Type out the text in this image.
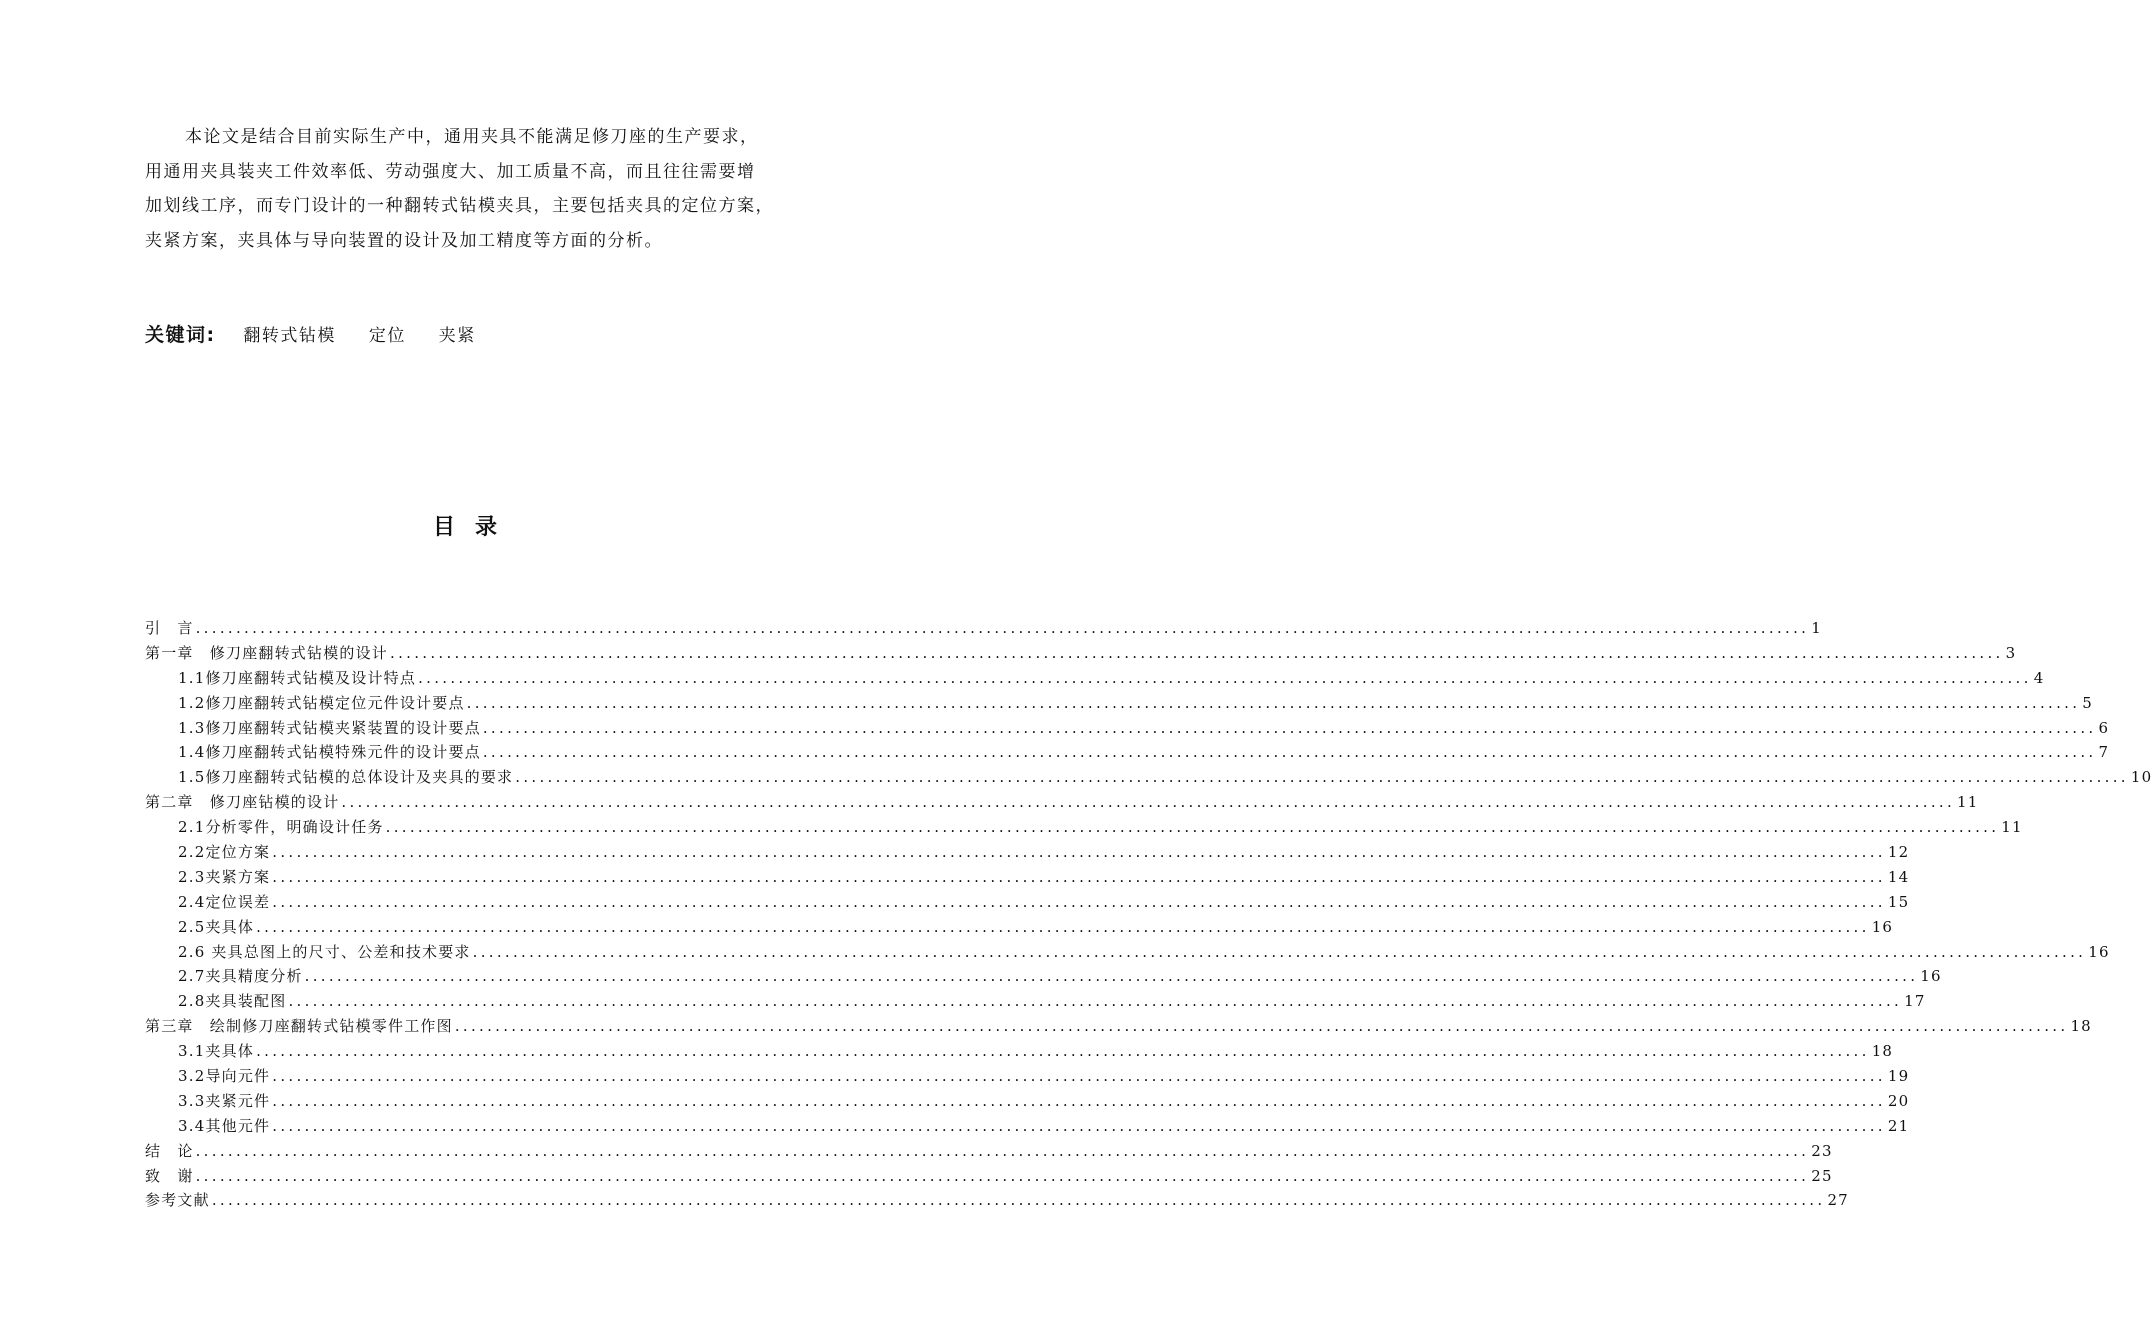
本论文是结合目前实际生产中，通用夹具不能满足修刀座的生产要求，

用通用夹具装夹工件效率低、劳动强度大、加工质量不高，而且往往需要增

加划线工序，而专门设计的一种翻转式钻模夹具，主要包括夹具的定位方案，

夹紧方案，夹具体与导向装置的设计及加工精度等方面的分析。

关键词: 翻转式钻模 定位 夹紧
目录
引　言 ........................................................................................................................................................................................................ 1
第一章　修刀座翻转式钻模的设计 ........................................................................................................................................................................................................ 3
1.1修刀座翻转式钻模及设计特点 ........................................................................................................................................................................................................ 4
1.2修刀座翻转式钻模定位元件设计要点 ........................................................................................................................................................................................................ 5
1.3修刀座翻转式钻模夹紧装置的设计要点 ........................................................................................................................................................................................................ 6
1.4修刀座翻转式钻模特殊元件的设计要点 ........................................................................................................................................................................................................ 7
1.5修刀座翻转式钻模的总体设计及夹具的要求 ........................................................................................................................................................................................................ 10
第二章　修刀座钻模的设计 ........................................................................................................................................................................................................ 11
2.1分析零件，明确设计任务 ........................................................................................................................................................................................................ 11
2.2定位方案 ........................................................................................................................................................................................................ 12
2.3夹紧方案 ........................................................................................................................................................................................................ 14
2.4定位误差 ........................................................................................................................................................................................................ 15
2.5夹具体 ........................................................................................................................................................................................................ 16
2.6 夹具总图上的尺寸、公差和技术要求 ........................................................................................................................................................................................................ 16
2.7夹具精度分析 ........................................................................................................................................................................................................ 16
2.8夹具装配图 ........................................................................................................................................................................................................ 17
第三章　绘制修刀座翻转式钻模零件工作图 ........................................................................................................................................................................................................ 18
3.1夹具体 ........................................................................................................................................................................................................ 18
3.2导向元件 ........................................................................................................................................................................................................ 19
3.3夹紧元件 ........................................................................................................................................................................................................ 20
3.4其他元件 ........................................................................................................................................................................................................ 21
结　论 ........................................................................................................................................................................................................ 23
致　谢 ........................................................................................................................................................................................................ 25
参考文献 ........................................................................................................................................................................................................ 27
